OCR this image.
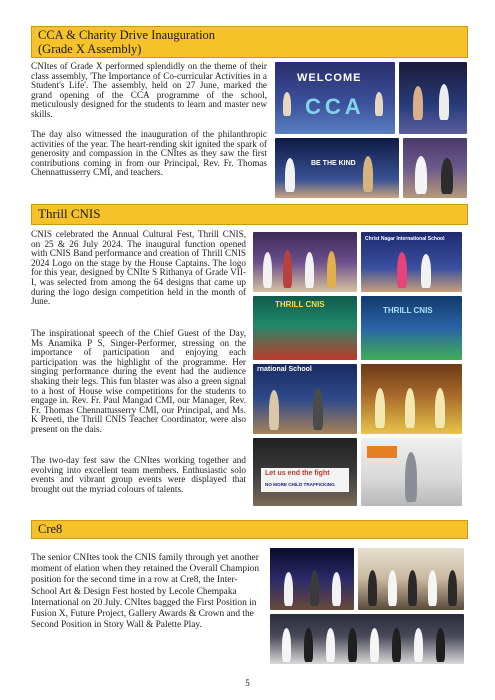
CCA & Charity Drive Inauguration
(Grade X Assembly)

CNItes of Grade X performed splendidly on the theme of their class assembly, 'The Importance of Co-curricular Activities in a Student's Life'. The assembly, held on 27 June, marked the grand opening of the CCA programme of the school, meticulously designed for the students to learn and master new skills.

The day also witnessed the inauguration of the philanthropic activities of the year. The heart-rending skit ignited the spark of generosity and compassion in the CNItes as they saw the first contributions coming in from our Principal, Rev. Fr. Thomas Chennattusserry CMI, and teachers.

WELCOME
CCA
BE THE KIND
Thrill CNIS

CNIS celebrated the Annual Cultural Fest, Thrill CNIS, on 25 & 26 July 2024. The inaugural function opened with CNIS Band performance and creation of Thrill CNIS 2024 Logo on the stage by the House Captains. The logo for this year, designed by CNIte S Rithanya of Grade VII-I, was selected from among the 64 designs that came up during the logo design competition held in the month of June.

The inspirational speech of the Chief Guest of the Day, Ms Anamika P S, Singer-Performer, stressing on the importance of participation and enjoying each participation was the highlight of the programme. Her singing performance during the event had the audience shaking their legs. This fun blaster was also a green signal to a host of House wise competitions for the students to engage in. Rev. Fr. Paul Mangad CMI, our Manager, Rev. Fr. Thomas Chennattusserry CMI, our Principal, and Ms. K Preeti, the Thrill CNIS Teacher Coordinator, were also present on the dais.

The two-day fest saw the CNItes working together and evolving into excellent team members. Enthusiastic solo events and vibrant group events were displayed that brought out the myriad colours of talents.

Christ Nagar International School
THRILL CNIS
THRILL CNIS
rnational School
Let us end the fight
NO MORE CHILD TRAFFICKING
Cre8

The senior CNItes took the CNIS family through yet another moment of elation when they retained the Overall Champion position for the second time in a row at Cre8, the Inter-School Art & Design Fest hosted by Lecole Chempaka International on 20 July. CNItes bagged the First Position in Fusion X, Future Project, Gallery Awards & Crown and the Second Position in Story Wall & Palette Play.

5
